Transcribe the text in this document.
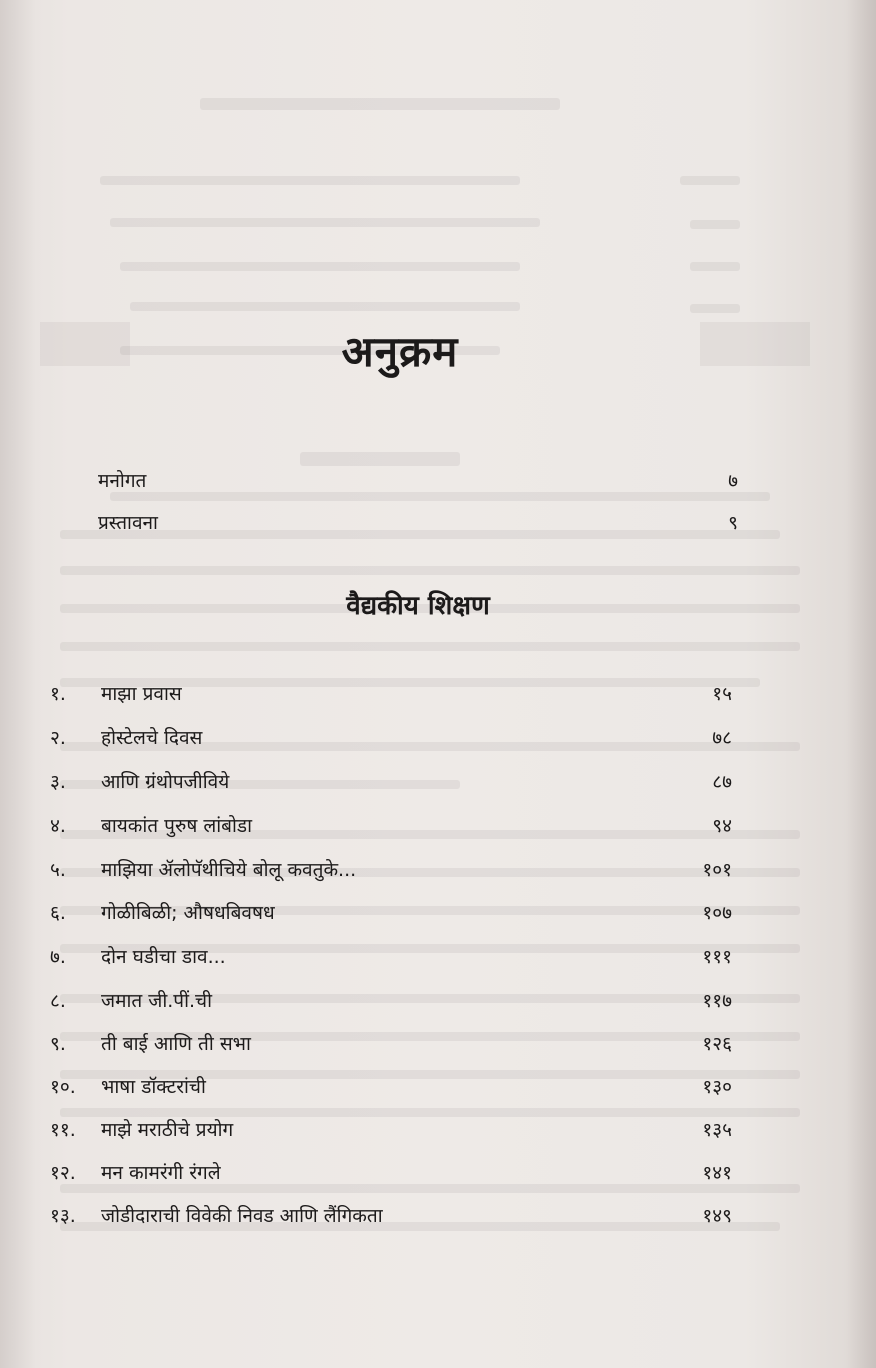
अनुक्रम
मनोगत	७
प्रस्तावना	९
वैद्यकीय शिक्षण
१. माझा प्रवास	१५
२. होस्टेलचे दिवस	७८
३. आणि ग्रंथोपजीविये	८७
४. बायकांत पुरुष लांबोडा	९४
५. माझिया ॲलोपॅथीचिये बोलू कवतुके...	१०१
६. गोळीबिळी; औषधबिवषध	१०७
७. दोन घडीचा डाव...	१११
८. जमात जी.पीं.ची	११७
९. ती बाई आणि ती सभा	१२६
१०. भाषा डॉक्टरांची	१३०
११. माझे मराठीचे प्रयोग	१३५
१२. मन कामरंगी रंगले	१४१
१३. जोडीदाराची विवेकी निवड आणि लैंगिकता	१४९
